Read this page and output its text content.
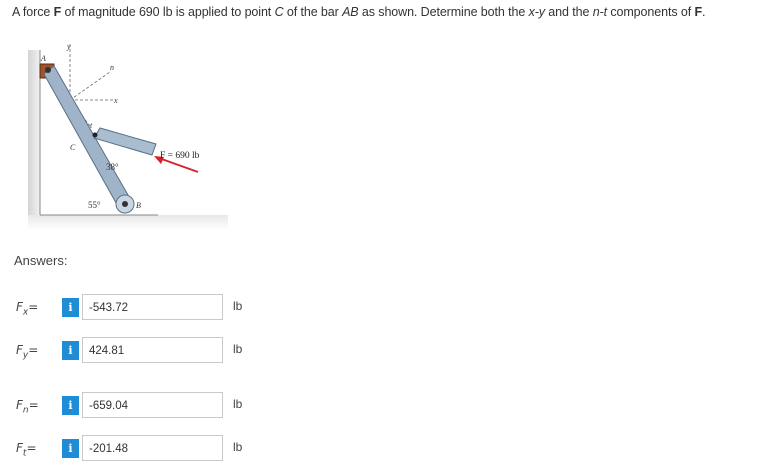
A force F of magnitude 690 lb is applied to point C of the bar AB as shown. Determine both the x-y and the n-t components of F.
y
x
n
t
A
C
B
38°
55°
F = 690 lb
Answers:
$F_x=$	i	-543.72	lb
$F_y=$	i	424.81	lb
$F_n=$	i	-659.04	lb
$F_t=$	i	-201.48	lb
